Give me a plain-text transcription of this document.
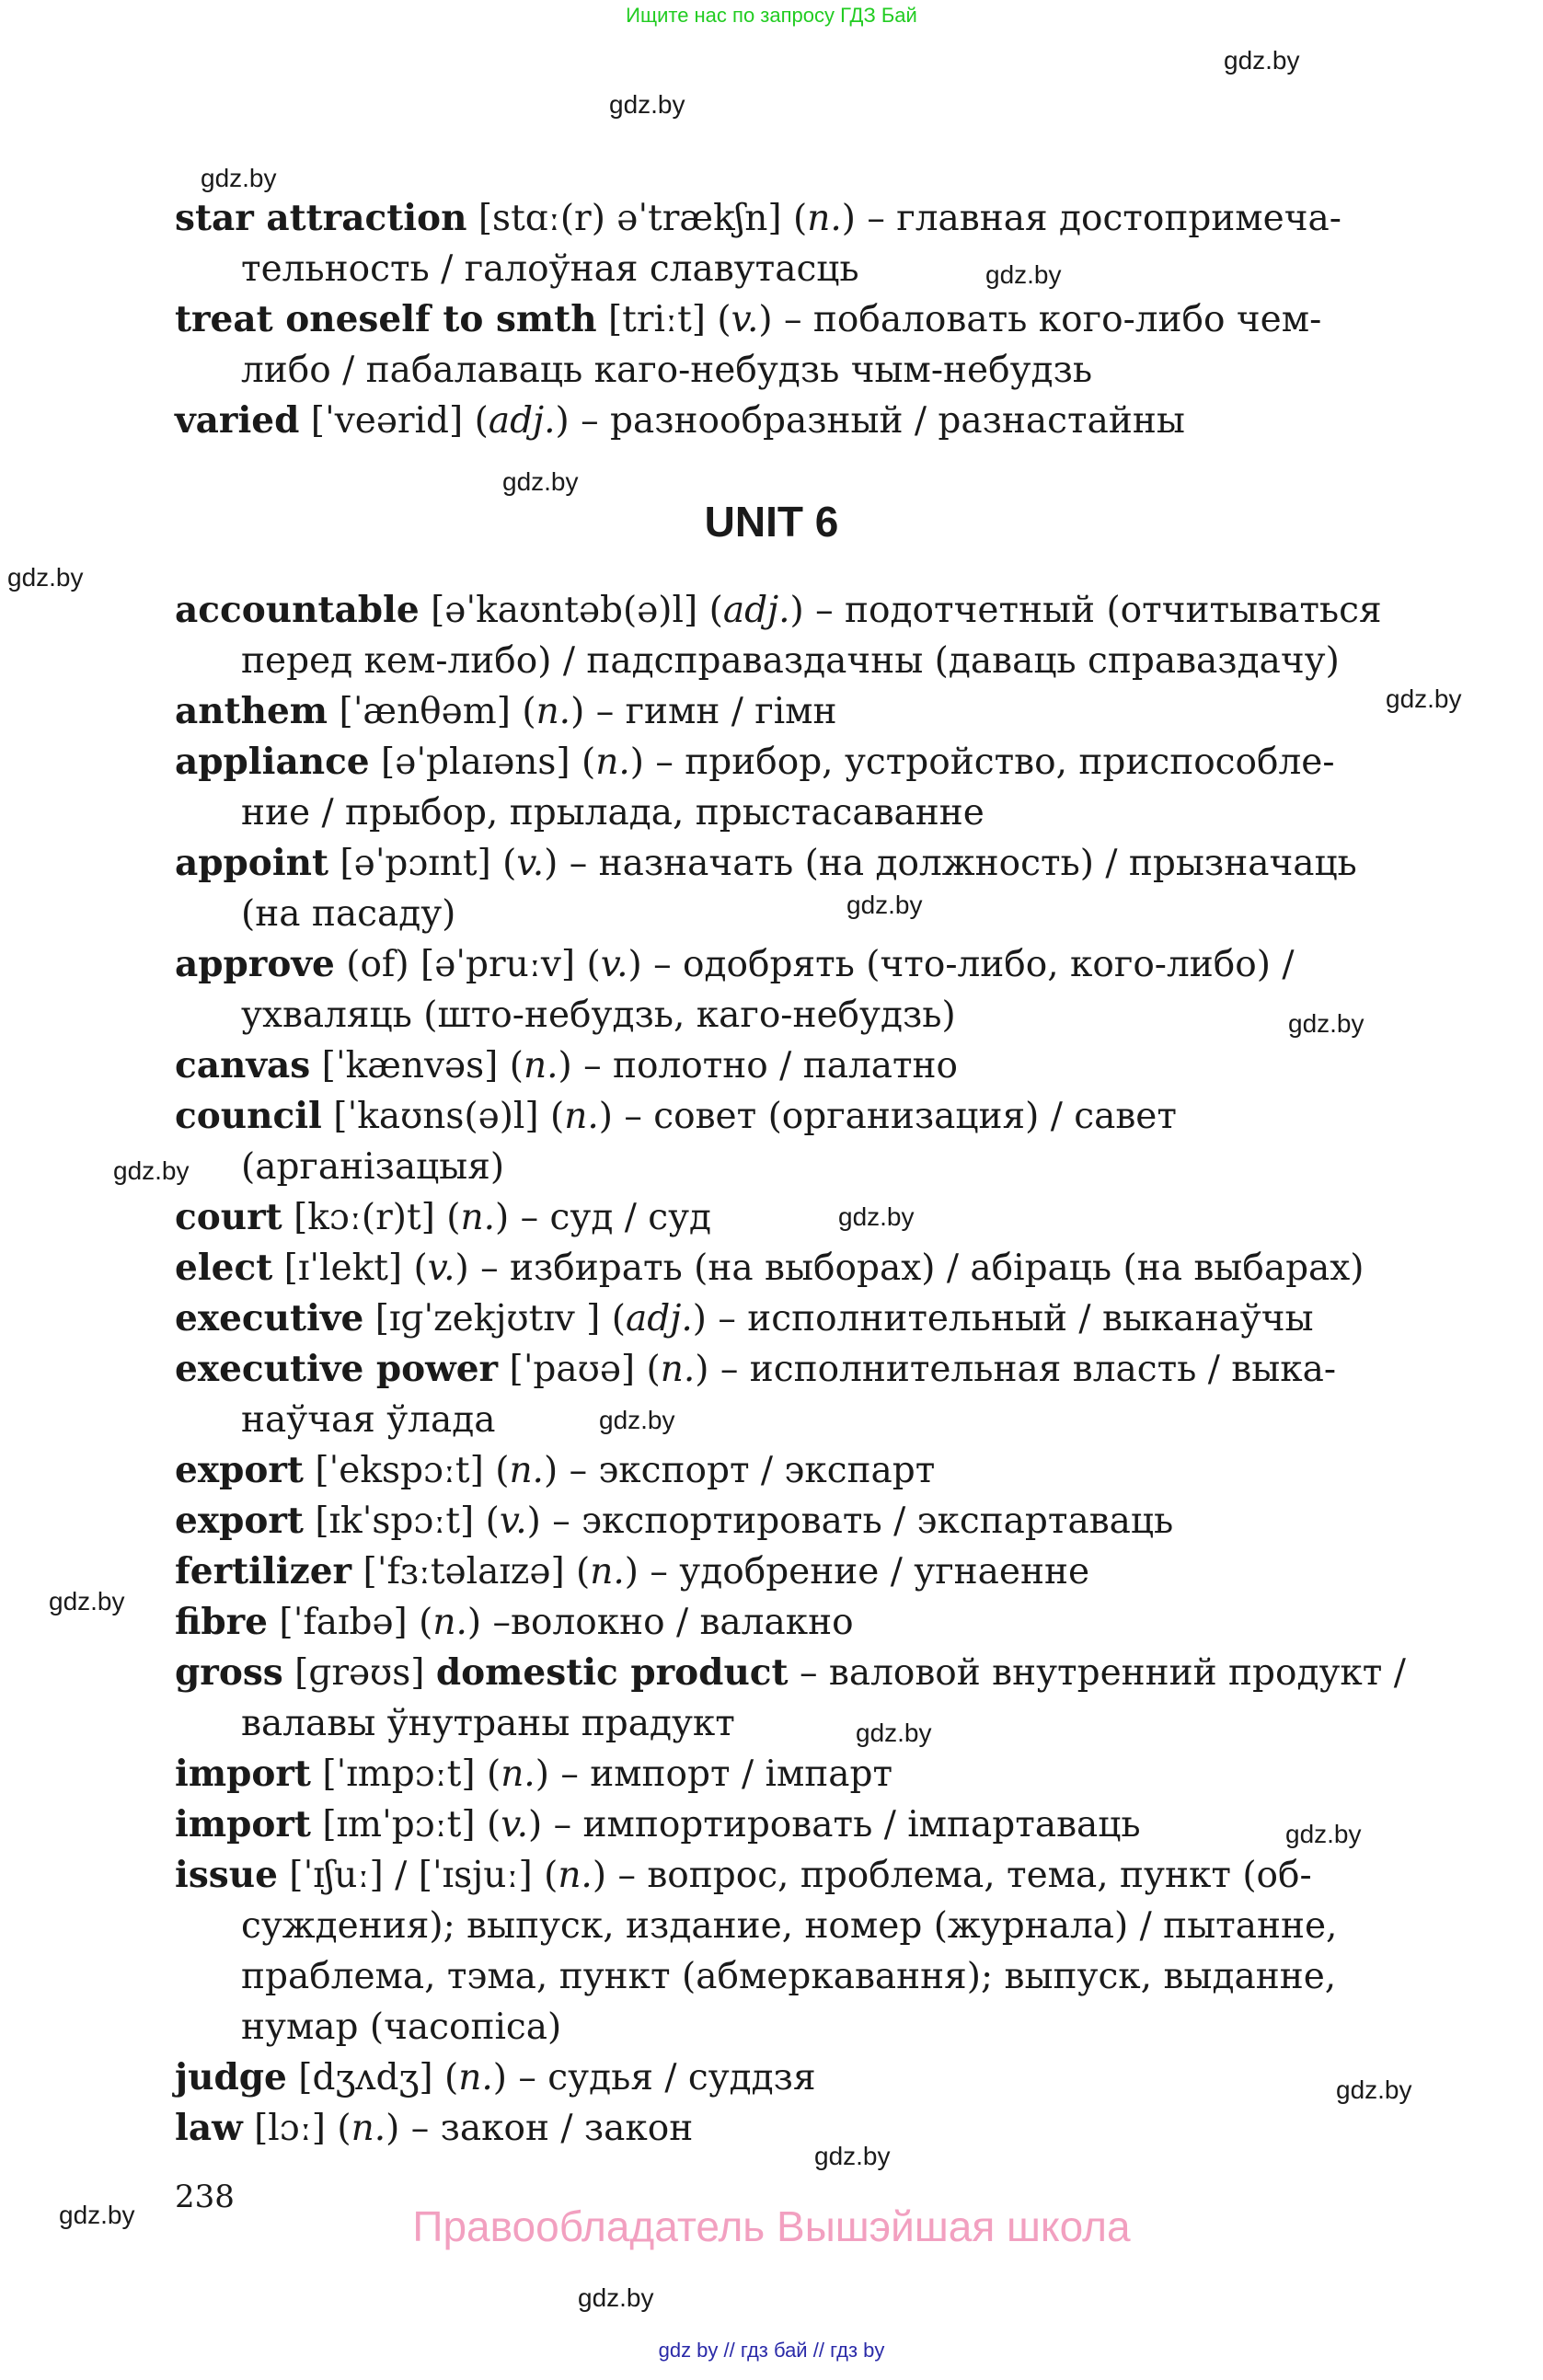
Ищите нас по запросу ГДЗ Бай
gdz.by
gdz.by
gdz.by
star attraction [stɑː(r) əˈtrækʃn] (n.) – главная достопримеча-
тельность / галоўная славутасць
treat oneself to smth [triːt] (v.) – побаловать кого-либо чем-
либо / пабалаваць каго-небудзь чым-небудзь
varied [ˈveərid] (adj.) – разнообразный / разнастайны
gdz.by
gdz.by
UNIT 6
gdz.by
accountable [əˈkaʊntəb(ə)l] (adj.) – подотчетный (отчитываться
перед кем-либо) / падсправаздачны (даваць справаздачу)
anthem [ˈænθəm] (n.) – гимн / гімн
appliance [əˈplaɪəns] (n.) – прибор, устройство, приспособле-
ние / прыбор, прылада, прыстасаванне
appoint [əˈpɔɪnt] (v.) – назначать (на должность) / прызначаць
(на пасаду)
approve (of) [əˈpruːv] (v.) – одобрять (что-либо, кого-либо) /
ухваляць (што-небудзь, каго-небудзь)
canvas [ˈkænvəs] (n.) – полотно / палатно
council [ˈkaʊns(ə)l] (n.) – совет (организация) / савет
(арганізацыя)
court [kɔː(r)t] (n.) – суд / суд
elect [ɪˈlekt] (v.) – избирать (на выборах) / абіраць (на выбарах)
executive [ɪɡˈzekjʊtɪv ] (adj.) – исполнительный / выканаўчы
executive power [ˈpaʊə] (n.) – исполнительная власть / выка-
наўчая ўлада
export [ˈekspɔːt] (n.) – экспорт / экспарт
export [ɪkˈspɔːt] (v.) – экспортировать / экспартаваць
fertilizer [ˈfɜːtəlaɪzə] (n.) – удобрение / угнаенне
fibre [ˈfaɪbə] (n.) –волокно / валакно
gross [ɡrəʊs] domestic product – валовой внутренний продукт /
валавы ўнутраны прадукт
import [ˈɪmpɔːt] (n.) – импорт / імпарт
import [ɪmˈpɔːt] (v.) – импортировать / імпартаваць
issue [ˈɪʃuː] / [ˈɪsjuː] (n.) – вопрос, проблема, тема, пункт (об-
суждения); выпуск, издание, номер (журнала) / пытанне,
праблема, тэма, пункт (абмеркавання); выпуск, выданне,
нумар (часопіса)
judge [dʒʌdʒ] (n.) – судья / суддзя
law [lɔː] (n.) – закон / закон
gdz.by
gdz.by
gdz.by
gdz.by
gdz.by
gdz.by
gdz.by
gdz.by
gdz.by
gdz.by
gdz.by
238
gdz.by	Правообладатель Вышэйшая школа
gdz.by
gdz by // гдз бай // гдз by
